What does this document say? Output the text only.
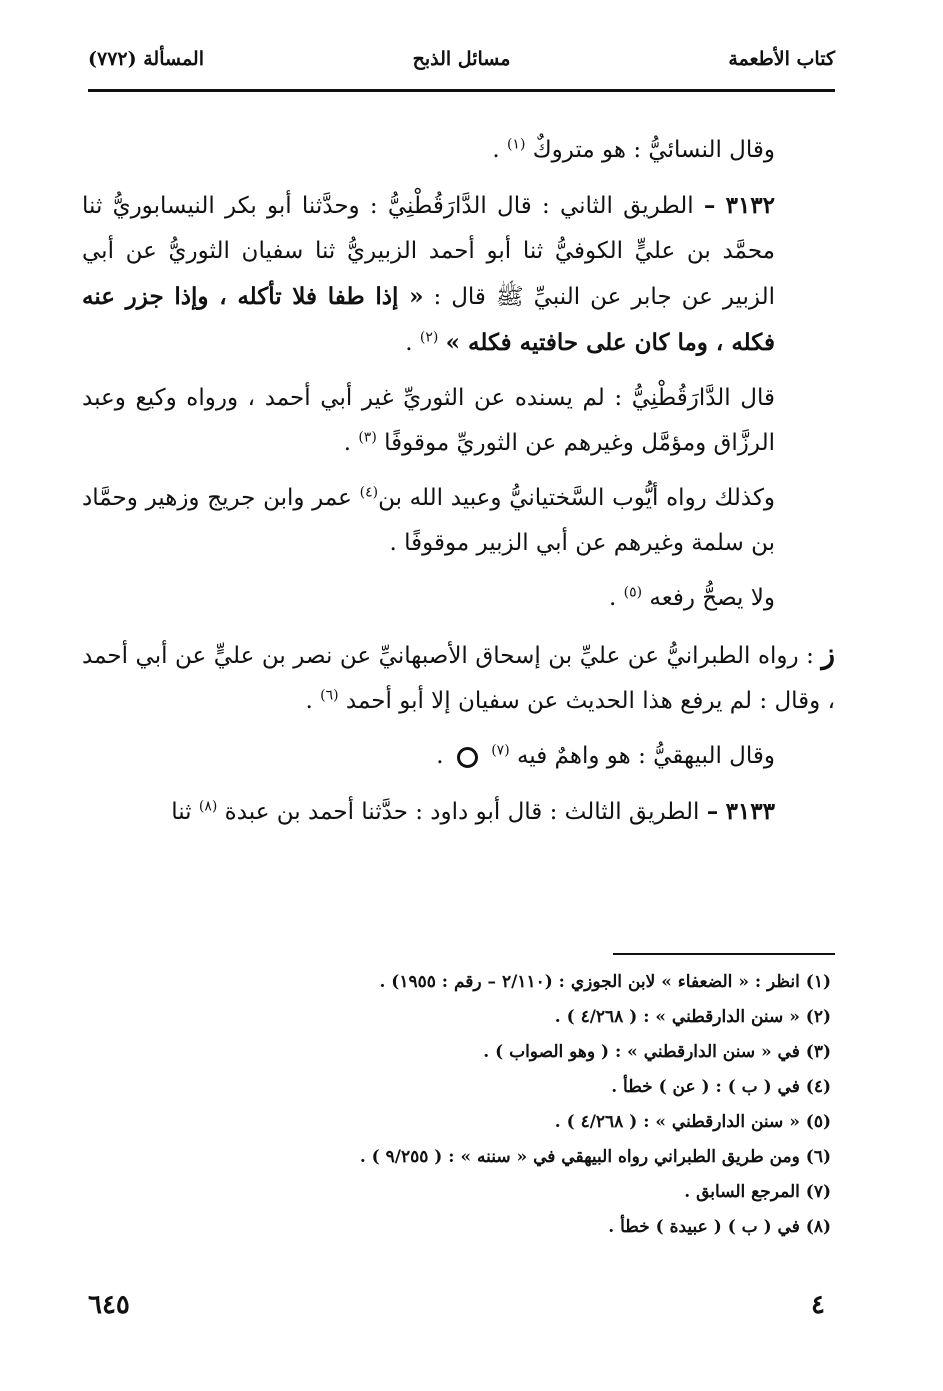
كتاب الأطعمة
مسائل الذبح
المسألة (٧٧٢)

وقال النسائيُّ : هو متروكٌ $^{(١)}$ .

٣١٣٢ – الطريق الثاني : قال الدَّارَقُطْنِيُّ : وحدَّثنا أبو بكر النيسابوريُّ ثنا محمَّد بن عليٍّ الكوفيُّ ثنا أبو أحمد الزبيريُّ ثنا سفيان الثوريُّ عن أبي الزبير عن جابر عن النبيِّ ﷺ قال : « إذا طفا فلا تأكله ، وإذا جزر عنه فكله ، وما كان على حافتيه فكله » $^{(٢)}$ .

قال الدَّارَقُطْنِيُّ : لم يسنده عن الثوريِّ غير أبي أحمد ، ورواه وكيع وعبد الرزَّاق ومؤمَّل وغيرهم عن الثوريِّ موقوفًا $^{(٣)}$ .

وكذلك رواه أيُّوب السَّختيانيُّ وعبيد الله بن$^{(٤)}$ عمر وابن جريج وزهير وحمَّاد بن سلمة وغيرهم عن أبي الزبير موقوفًا .

ولا يصحُّ رفعه $^{(٥)}$ .

ز : رواه الطبرانيُّ عن عليِّ بن إسحاق الأصبهانيِّ عن نصر بن عليٍّ عن أبي أحمد ، وقال : لم يرفع هذا الحديث عن سفيان إلا أبو أحمد $^{(٦)}$ .

وقال البيهقيُّ : هو واهمٌ فيه $^{(٧)}$  .

٣١٣٣ – الطريق الثالث : قال أبو داود : حدَّثنا أحمد بن عبدة $^{(٨)}$ ثنا

(١) انظر : « الضعفاء » لابن الجوزي : (٢/١١٠ – رقم : ١٩٥٥) .
(٢) « سنن الدارقطني » : ( ٤/٢٦٨ ) .
(٣) في « سنن الدارقطني » : ( وهو الصواب ) .
(٤) في ( ب ) : ( عن ) خطأ .
(٥) « سنن الدارقطني » : ( ٤/٢٦٨ ) .
(٦) ومن طريق الطبراني رواه البيهقي في « سننه » : ( ٩/٢٥٥ ) .
(٧) المرجع السابق .
(٨) في ( ب ) ( عبيدة ) خطأ .
٤
٦٤٥
